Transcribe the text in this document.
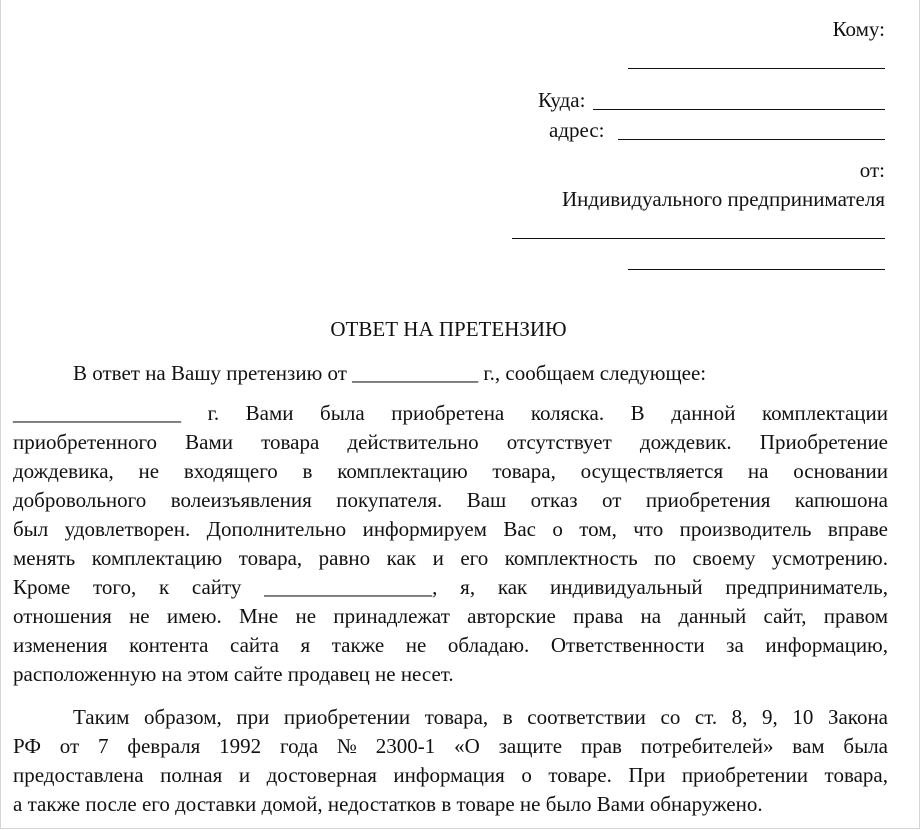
Кому:
Куда:
адрес:
от:
Индивидуального предпринимателя
ОТВЕТ НА ПРЕТЕНЗИЮ
В ответ на Вашу претензию от ____________ г., сообщаем следующее:
________________ г. Вами была приобретена коляска. В данной комплектации
приобретенного Вами товара действительно отсутствует дождевик. Приобретение
дождевика, не входящего в комплектацию товара, осуществляется на основании
добровольного волеизъявления покупателя. Ваш отказ от приобретения капюшона
был удовлетворен. Дополнительно информируем Вас о том, что производитель вправе
менять комплектацию товара, равно как и его комплектность по своему усмотрению.
Кроме того, к сайту ________________, я, как индивидуальный предприниматель,
отношения не имею. Мне не принадлежат авторские права на данный сайт, правом
изменения контента сайта я также не обладаю. Ответственности за информацию,
расположенную на этом сайте продавец не несет.
Таким образом, при приобретении товара, в соответствии со ст. 8, 9, 10 Закона
РФ от 7 февраля 1992 года № 2300-1 «О защите прав потребителей» вам была
предоставлена полная и достоверная информация о товаре. При приобретении товара,
а также после его доставки домой, недостатков в товаре не было Вами обнаружено.
